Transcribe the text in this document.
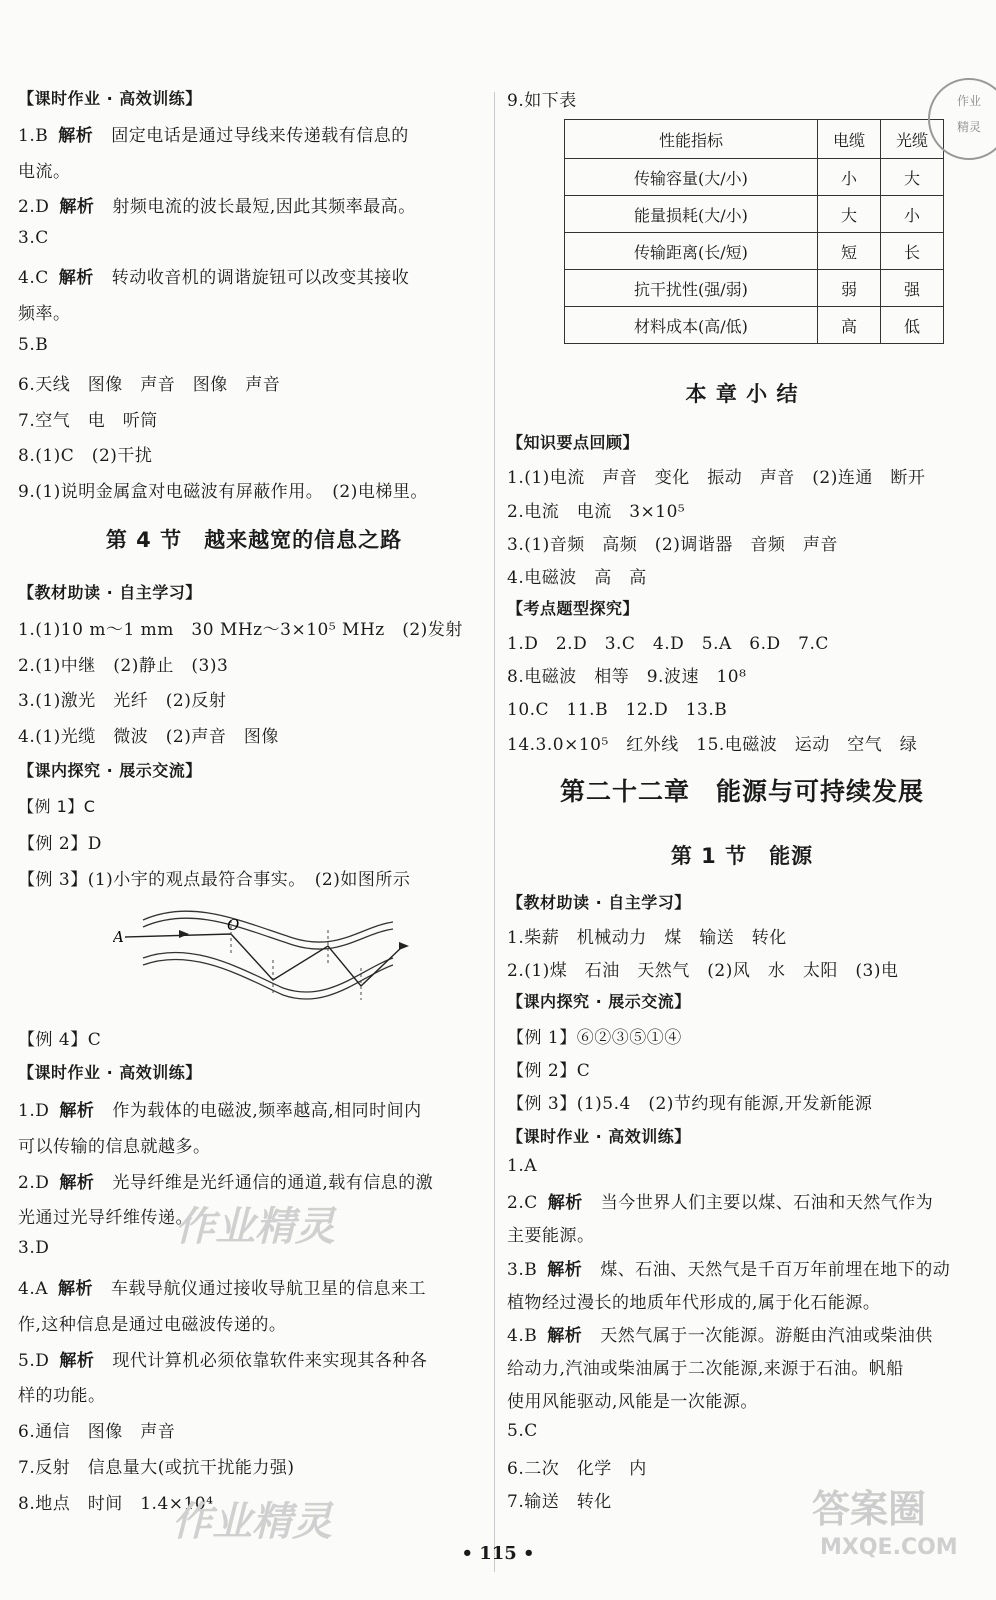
【课时作业 · 高效训练】
1.B 解析 固定电话是通过导线来传递载有信息的
电流。
2.D 解析 射频电流的波长最短,因此其频率最高。
3.C
4.C 解析 转动收音机的调谐旋钮可以改变其接收
频率。
5.B
6.天线　图像　声音　图像　声音
7.空气　电　听筒
8.(1)C　(2)干扰
9.(1)说明金属盒对电磁波有屏蔽作用。　(2)电梯里。
第 4 节　越来越宽的信息之路
【教材助读 · 自主学习】
1.(1)10 m～1 mm　30 MHz～3×10⁵ MHz　(2)发射
2.(1)中继　(2)静止　(3)3
3.(1)激光　光纤　(2)反射
4.(1)光缆　微波　(2)声音　图像
【课内探究 · 展示交流】
【例 1】C
【例 2】D
【例 3】(1)小宇的观点最符合事实。　(2)如图所示
A
O
【例 4】C
【课时作业 · 高效训练】
1.D 解析 作为载体的电磁波,频率越高,相同时间内
可以传输的信息就越多。
2.D 解析 光导纤维是光纤通信的通道,载有信息的激
光通过光导纤维传递。
3.D
4.A 解析 车载导航仪通过接收导航卫星的信息来工
作,这种信息是通过电磁波传递的。
5.D 解析 现代计算机必须依靠软件来实现其各种各
样的功能。
6.通信　图像　声音
7.反射　信息量大(或抗干扰能力强)
8.地点　时间　1.4×10⁴
9.如下表
性能指标	电缆	光缆
传输容量(大/小)	小	大
能量损耗(大/小)	大	小
传输距离(长/短)	短	长
抗干扰性(强/弱)	弱	强
材料成本(高/低)	高	低
本 章 小 结
【知识要点回顾】
1.(1)电流　声音　变化　振动　声音　(2)连通　断开
2.电流　电流　3×10⁵
3.(1)音频　高频　(2)调谐器　音频　声音
4.电磁波　高　高
【考点题型探究】
1.D　2.D　3.C　4.D　5.A　6.D　7.C
8.电磁波　相等　9.波速　10⁸
10.C　11.B　12.D　13.B
14.3.0×10⁵　红外线　15.电磁波　运动　空气　绿
第二十二章　能源与可持续发展
第 1 节　能源
【教材助读 · 自主学习】
1.柴薪　机械动力　煤　输送　转化
2.(1)煤　石油　天然气　(2)风　水　太阳　(3)电
【课内探究 · 展示交流】
【例 1】⑥②③⑤①④
【例 2】C
【例 3】(1)5.4　(2)节约现有能源,开发新能源
【课时作业 · 高效训练】
1.A
2.C 解析 当今世界人们主要以煤、石油和天然气作为
主要能源。
3.B 解析 煤、石油、天然气是千百万年前埋在地下的动
植物经过漫长的地质年代形成的,属于化石能源。
4.B 解析 天然气属于一次能源。游艇由汽油或柴油供
给动力,汽油或柴油属于二次能源,来源于石油。帆船
使用风能驱动,风能是一次能源。
5.C
6.二次　化学　内
7.输送　转化
作业
精灵
作业精灵
作业精灵	答案圈
MXQE.COM
• 115 •
